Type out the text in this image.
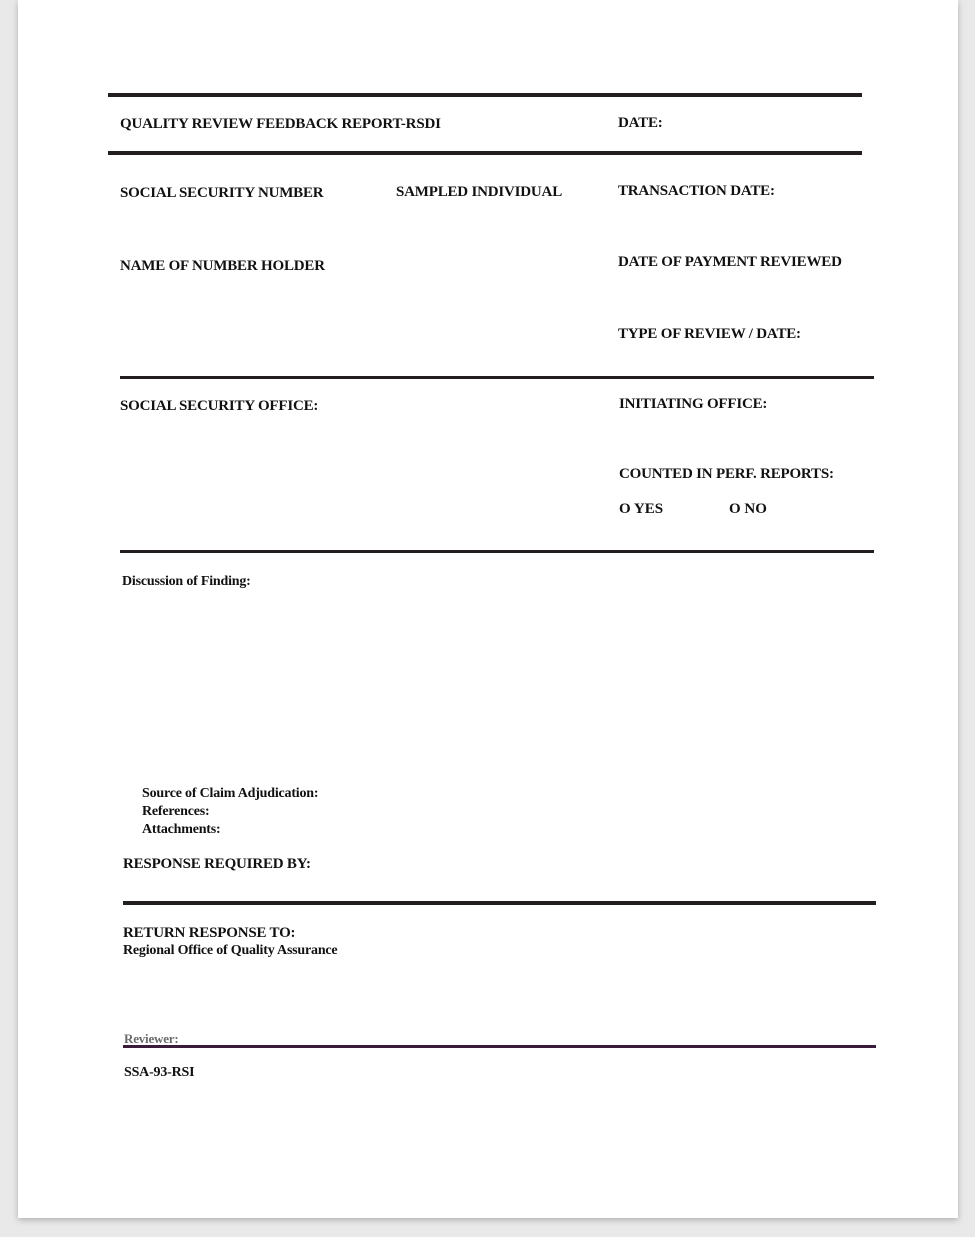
QUALITY REVIEW FEEDBACK REPORT-RSDI	DATE:
SOCIAL SECURITY NUMBER	SAMPLED INDIVIDUAL	TRANSACTION DATE:
NAME OF NUMBER HOLDER	DATE OF PAYMENT REVIEWED
TYPE OF REVIEW / DATE:
SOCIAL SECURITY OFFICE:	INITIATING OFFICE:
COUNTED IN PERF. REPORTS:
O YES	O NO
Discussion of Finding:
Source of Claim Adjudication:
References:
Attachments:
RESPONSE REQUIRED BY:
RETURN RESPONSE TO:
Regional Office of Quality Assurance
Reviewer:
SSA-93-RSI
